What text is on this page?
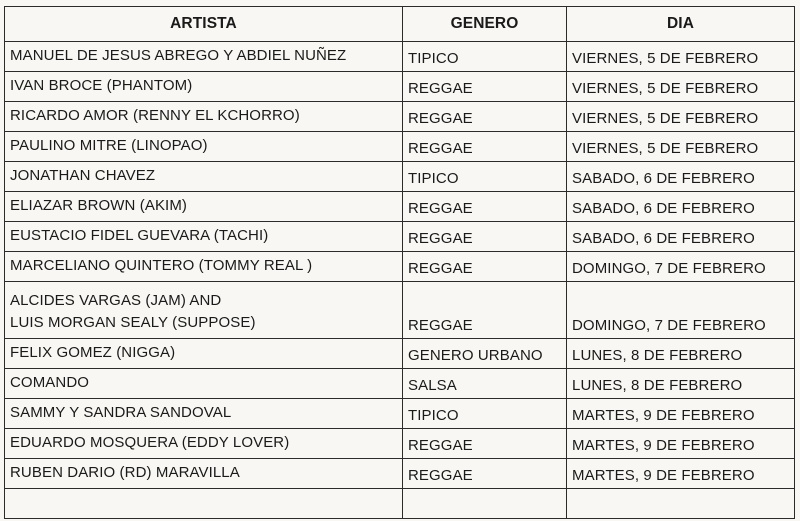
ARTISTA	GENERO	DIA

MANUEL DE JESUS ABREGO Y ABDIEL NUÑEZ	TIPICO	VIERNES, 5 DE FEBRERO

IVAN BROCE (PHANTOM)	REGGAE	VIERNES, 5 DE FEBRERO

RICARDO AMOR (RENNY EL KCHORRO)	REGGAE	VIERNES, 5 DE FEBRERO

PAULINO MITRE (LINOPAO)	REGGAE	VIERNES, 5 DE FEBRERO

JONATHAN CHAVEZ	TIPICO	SABADO, 6 DE FEBRERO

ELIAZAR BROWN (AKIM)	REGGAE	SABADO, 6 DE FEBRERO

EUSTACIO FIDEL GUEVARA (TACHI)	REGGAE	SABADO, 6 DE FEBRERO

MARCELIANO QUINTERO (TOMMY REAL )	REGGAE	DOMINGO, 7 DE FEBRERO

ALCIDES VARGAS (JAM) AND
LUIS MORGAN SEALY (SUPPOSE)	REGGAE	DOMINGO, 7 DE FEBRERO

FELIX GOMEZ (NIGGA)	GENERO URBANO	LUNES, 8 DE FEBRERO

COMANDO	SALSA	LUNES, 8 DE FEBRERO

SAMMY Y SANDRA SANDOVAL	TIPICO	MARTES, 9 DE FEBRERO

EDUARDO MOSQUERA (EDDY LOVER)	REGGAE	MARTES, 9 DE FEBRERO

RUBEN DARIO (RD) MARAVILLA	REGGAE	MARTES, 9 DE FEBRERO
